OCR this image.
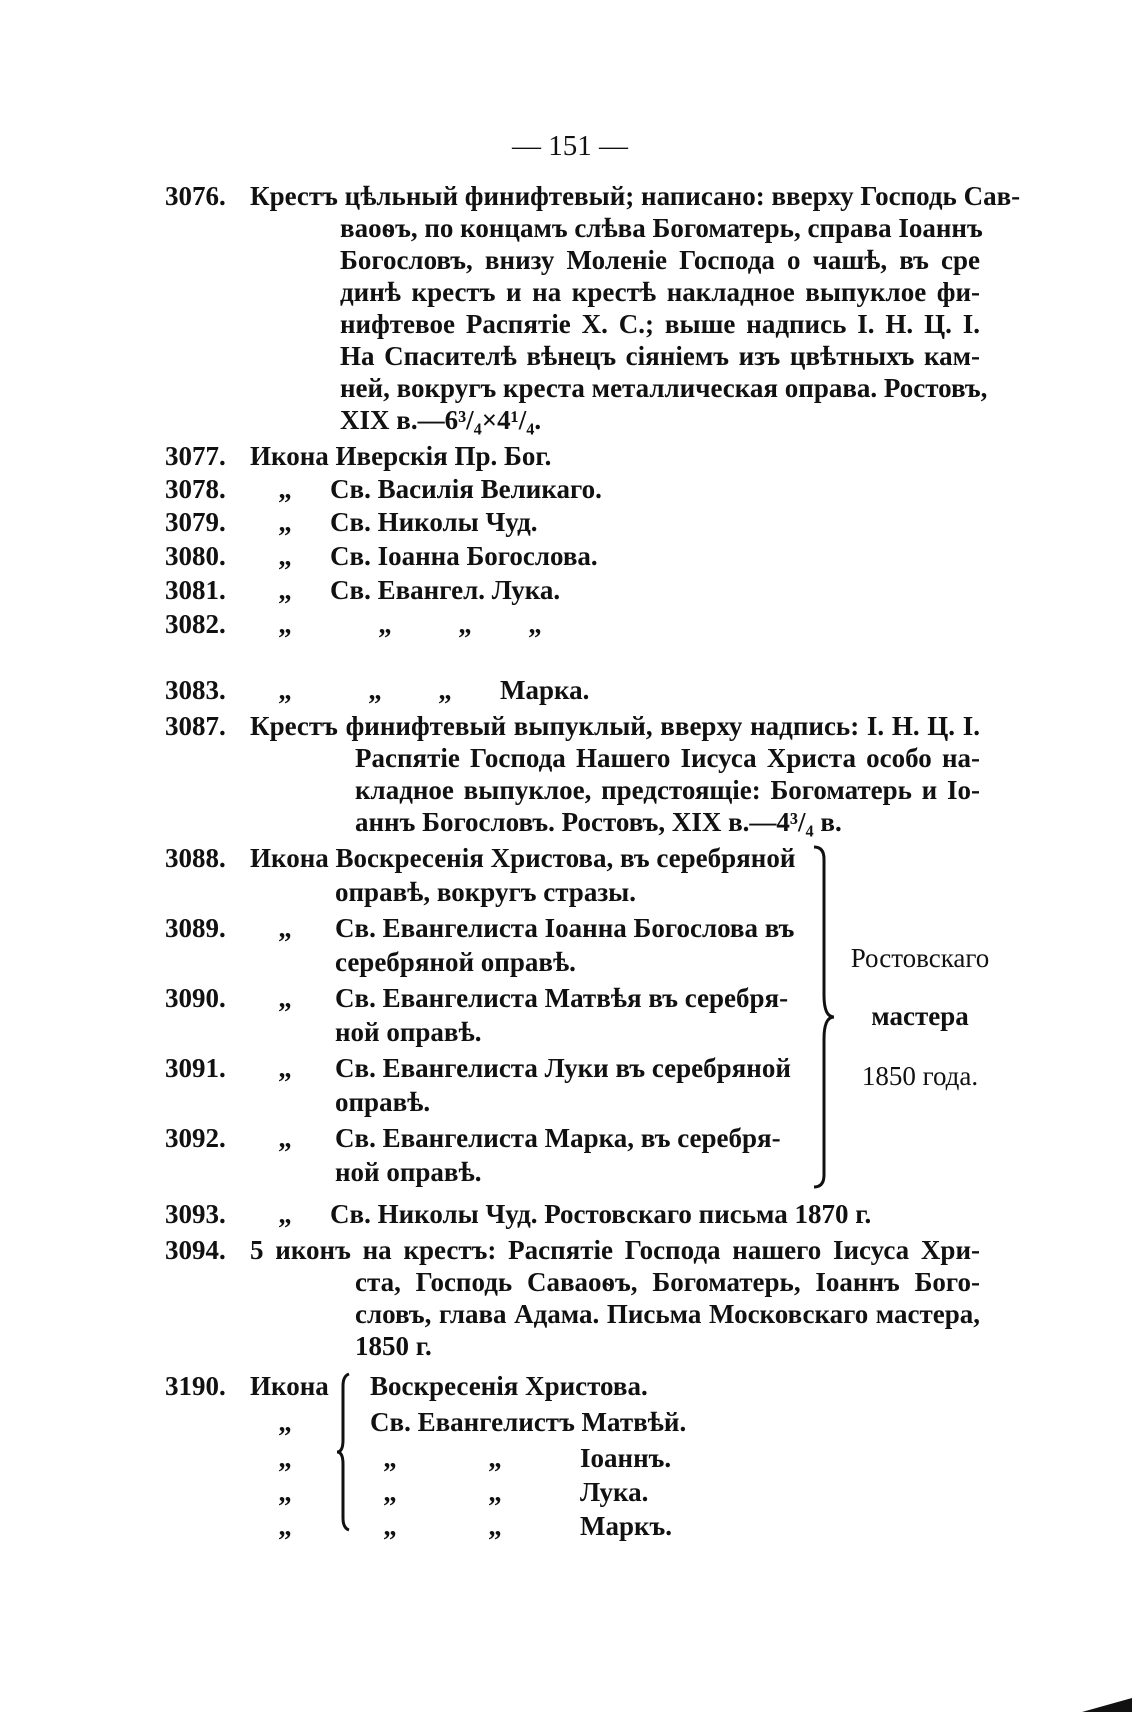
— 151 —
3076. Крестъ цѣльный финифтевый; написано: вверху Господь Сав-
ваоѳъ, по концамъ слѣва Богоматерь, справа Іоаннъ
Богословъ, внизу Моленіе Господа о чашѣ, въ сре
динѣ крестъ и на крестѣ накладное выпуклое фи-
нифтевое Распятіе Х. С.; выше надпись І. Н. Ц. І.
На Спасителѣ вѣнецъ сіяніемъ изъ цвѣтныхъ кам-
ней, вокругъ креста металлическая оправа. Ростовъ,
XIX в.—6³/₄×4¹/₄.
3077. Икона Иверскія Пр. Бог.
3078.	„	Св. Василія Великаго.
3079.	„	Св. Николы Чуд.
3080.	„	Св. Іоанна Богослова.
3081.	„	Св. Евангел. Лука.
3082.	„	„	„	„
3083.	„	„	„	Марка.
3087. Крестъ финифтевый выпуклый, вверху надпись: І. Н. Ц. І.
Распятіе Господа Нашего Іисуса Христа особо на-
кладное выпуклое, предстоящіе: Богоматерь и Іо-
аннъ Богословъ. Ростовъ, XIX в.—4³/₄ в.
3088. Икона Воскресенія Христова, въ серебряной
оправѣ, вокругъ стразы.
3089.	„	Св. Евангелиста Іоанна Богослова въ
серебряной оправѣ.
3090.	„	Св. Евангелиста Матвѣя въ серебря-
ной оправѣ.
3091.	„	Св. Евангелиста Луки въ серебряной
оправѣ.
3092.	„	Св. Евангелиста Марка, въ серебря-
ной оправѣ.
Ростовскаго
мастера
1850 года.
3093.	„	Св. Николы Чуд. Ростовскаго письма 1870 г.
3094. 5 иконъ на крестъ: Распятіе Господа нашего Іисуса Хри-
ста, Господь Саваоѳъ, Богоматерь, Іоаннъ Бого-
словъ, глава Адама. Письма Московскаго мастера,
1850 г.
3190. Икона Воскресенія Христова.
„	Св. Евангелистъ Матвѣй.
„	„	„	Іоаннъ.
„	„	„	Лука.
„	„	„	Маркъ.
